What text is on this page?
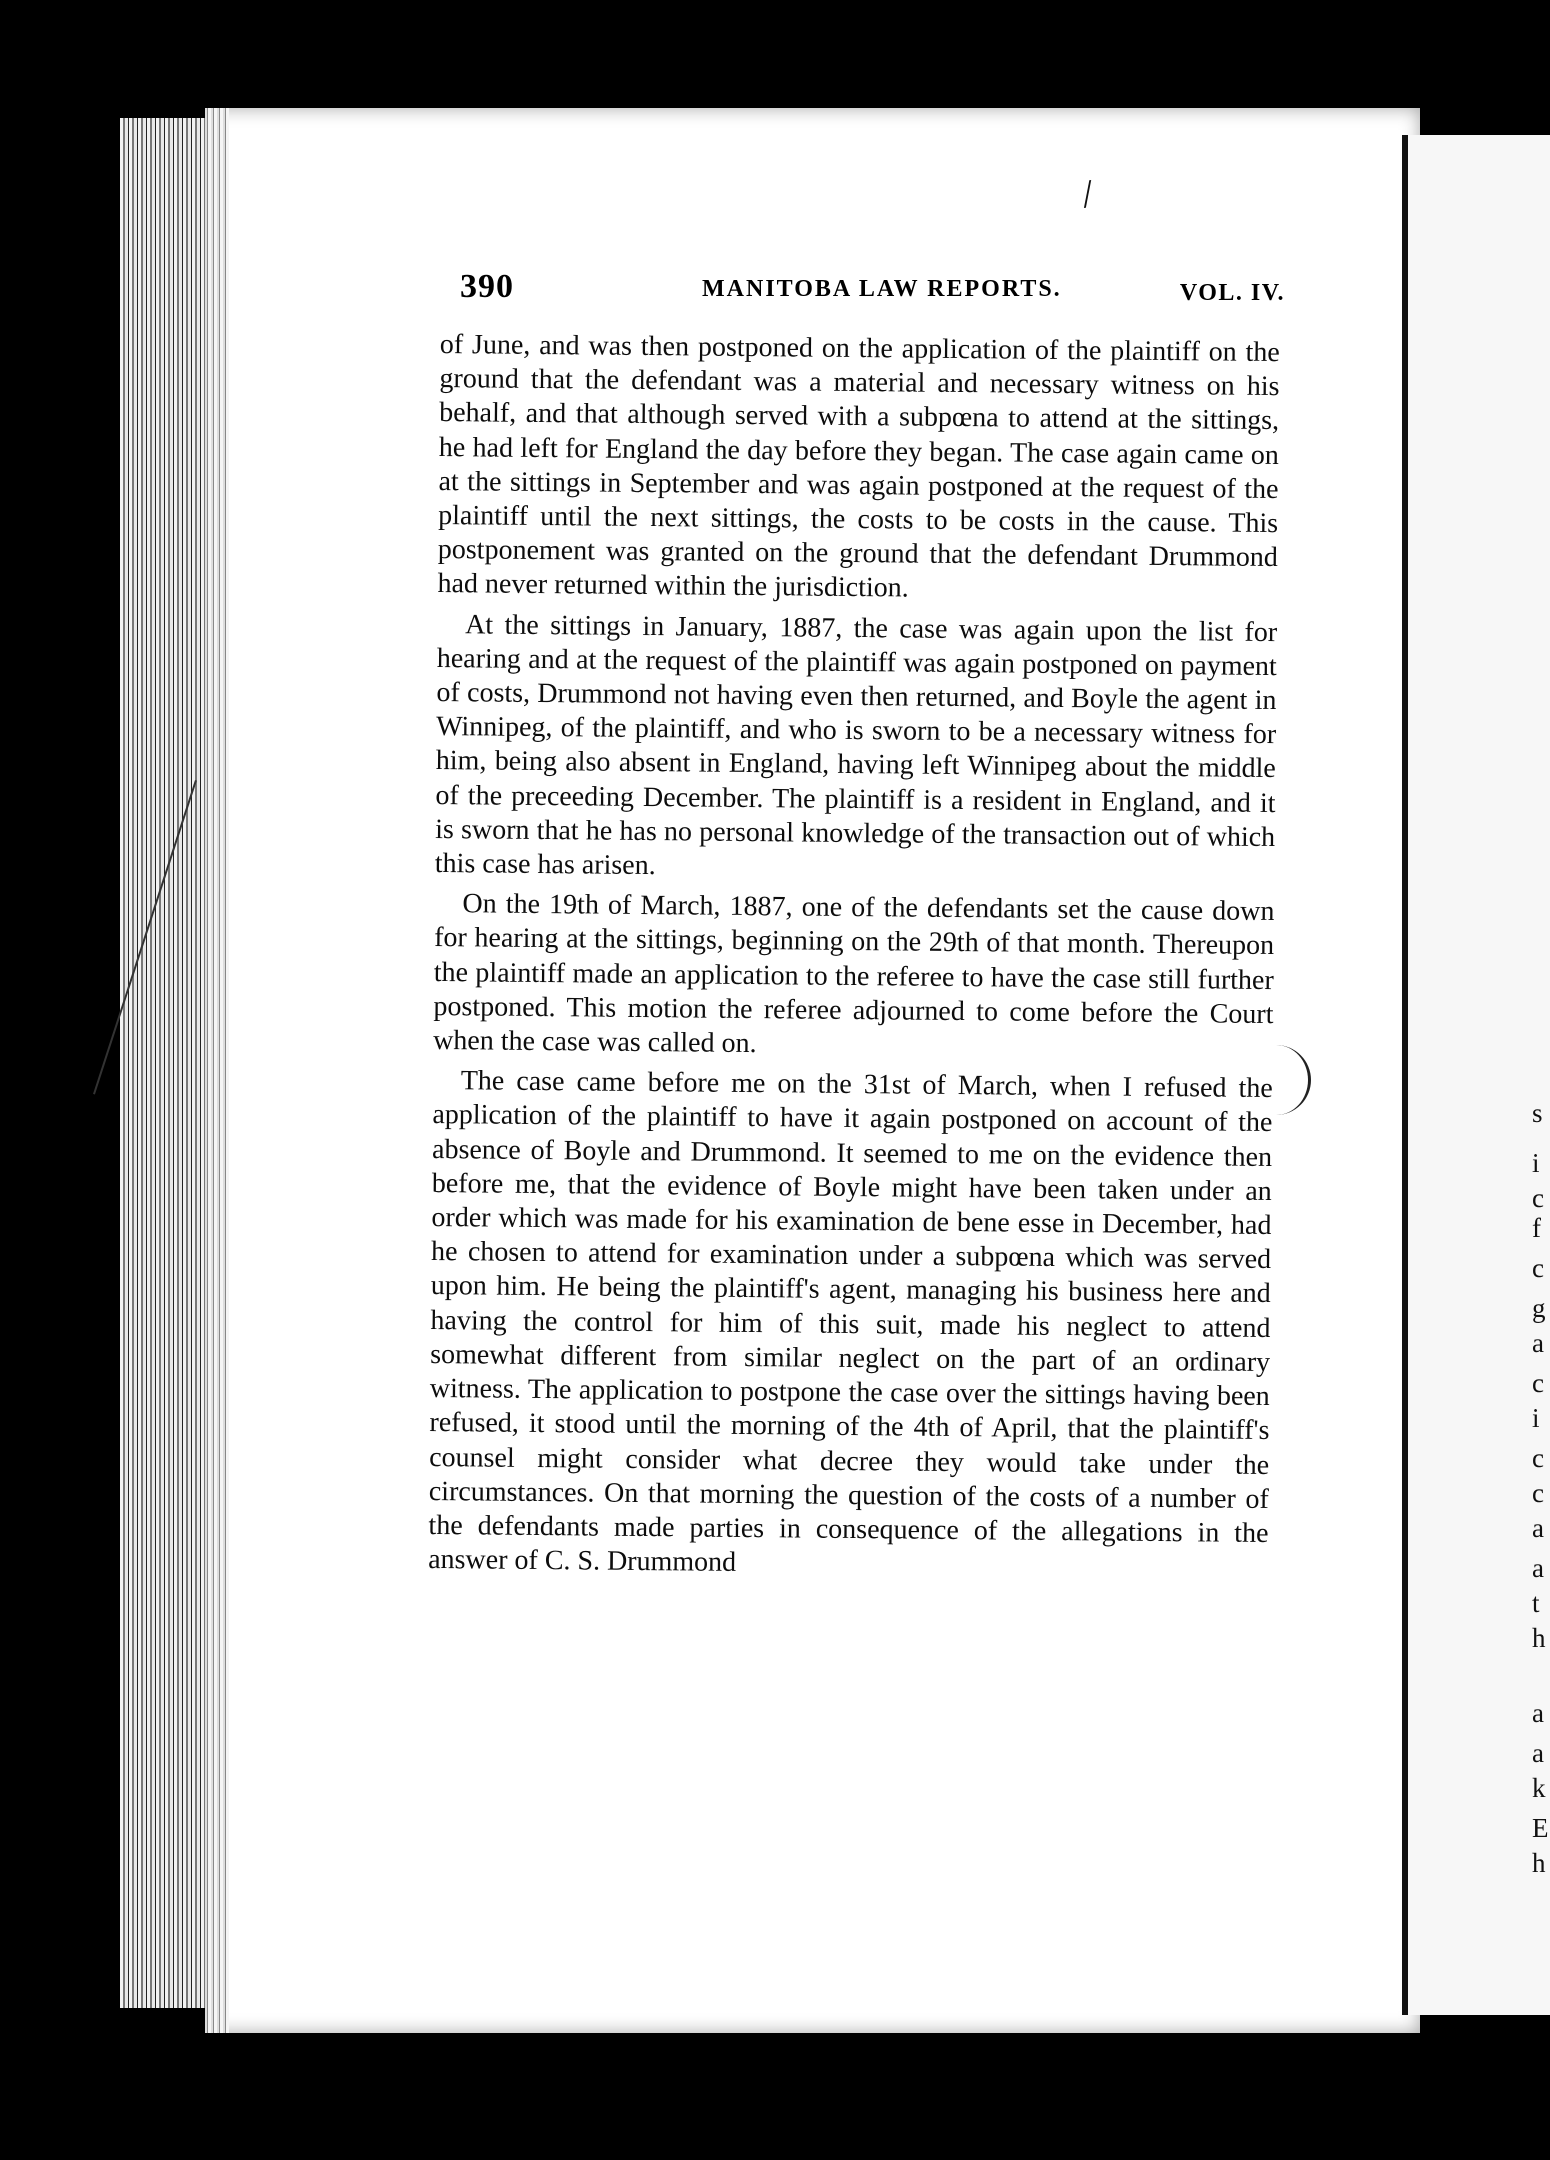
/
390	MANITOBA LAW REPORTS.	VOL. IV.

of June, and was then postponed on the application of the plaintiff on the ground that the defendant was a material and necessary witness on his behalf, and that although served with a subpœna to attend at the sittings, he had left for England the day before they began. The case again came on at the sittings in September and was again postponed at the request of the plaintiff until the next sittings, the costs to be costs in the cause. This postponement was granted on the ground that the defendant Drummond had never returned within the jurisdiction.

At the sittings in January, 1887, the case was again upon the list for hearing and at the request of the plaintiff was again postponed on payment of costs, Drummond not having even then returned, and Boyle the agent in Winnipeg, of the plaintiff, and who is sworn to be a necessary witness for him, being also absent in England, having left Winnipeg about the middle of the preceeding December. The plaintiff is a resident in England, and it is sworn that he has no personal knowledge of the transaction out of which this case has arisen.

On the 19th of March, 1887, one of the defendants set the cause down for hearing at the sittings, beginning on the 29th of that month. Thereupon the plaintiff made an application to the referee to have the case still further postponed. This motion the referee adjourned to come before the Court when the case was called on.

The case came before me on the 31st of March, when I refused the application of the plaintiff to have it again postponed on account of the absence of Boyle and Drummond. It seemed to me on the evidence then before me, that the evidence of Boyle might have been taken under an order which was made for his examination de bene esse in December, had he chosen to attend for examination under a subpœna which was served upon him. He being the plaintiff's agent, managing his business here and having the control for him of this suit, made his neglect to attend somewhat different from similar neglect on the part of an ordinary witness. The application to postpone the case over the sittings having been refused, it stood until the morning of the 4th of April, that the plaintiff's counsel might consider what decree they would take under the circumstances. On that morning the question of the costs of a number of the defendants made parties in consequence of the allegations in the answer of C. S. Drummond

s
i
c
f
c
g
a
c
i
c
c
a
a
t
h
a
a
k
E
h
